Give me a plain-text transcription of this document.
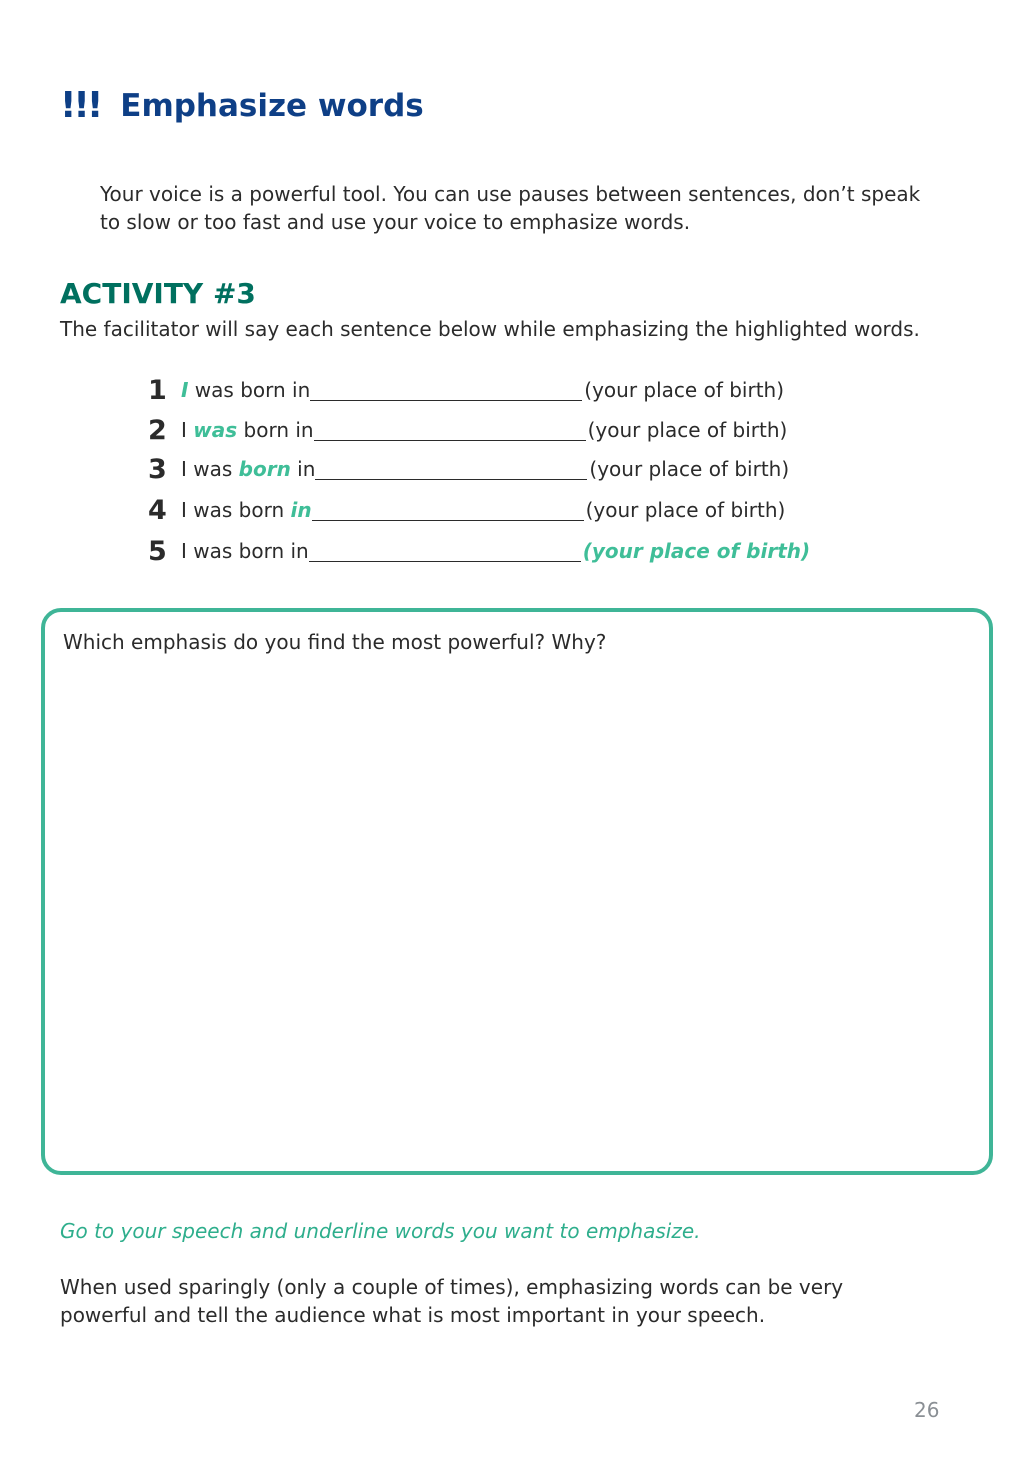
!!! Emphasize words
Your voice is a powerful tool. You can use pauses between sentences, don’t speak
to slow or too fast and use your voice to emphasize words.
ACTIVITY #3
The facilitator will say each sentence below while emphasizing the highlighted words.
1 I was born in	(your place of birth)
2 I was born in	(your place of birth)
3 I was born in	(your place of birth)
4 I was born in	(your place of birth)
5 I was born in	(your place of birth)
Which emphasis do you find the most powerful? Why?
Go to your speech and underline words you want to emphasize.
When used sparingly (only a couple of times), emphasizing words can be very
powerful and tell the audience what is most important in your speech.
26
